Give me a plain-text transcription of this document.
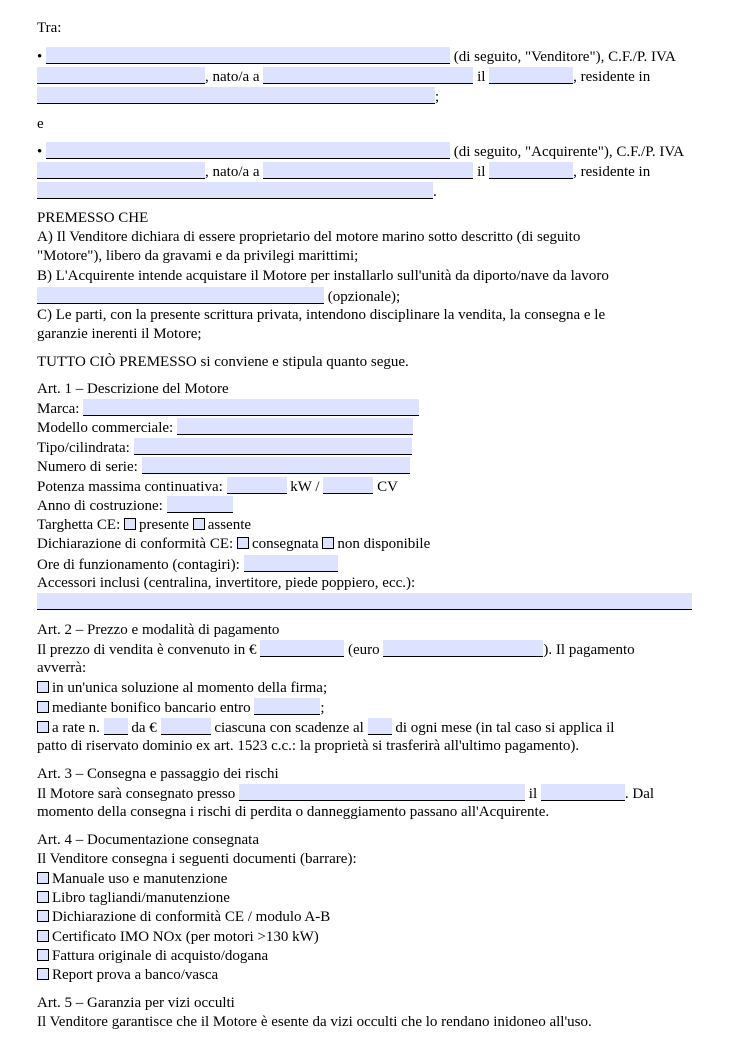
Tra:
•	(di seguito, "Venditore"), C.F./P. IVA
, nato/a a	il	, residente in
;
e
•	(di seguito, "Acquirente"), C.F./P. IVA
, nato/a a	il	, residente in
.
PREMESSO CHE
A) Il Venditore dichiara di essere proprietario del motore marino sotto descritto (di seguito
"Motore"), libero da gravami e da privilegi marittimi;
B) L'Acquirente intende acquistare il Motore per installarlo sull'unità da diporto/nave da lavoro
(opzionale);
C) Le parti, con la presente scrittura privata, intendono disciplinare la vendita, la consegna e le
garanzie inerenti il Motore;
TUTTO CIÒ PREMESSO si conviene e stipula quanto segue.
Art. 1 – Descrizione del Motore
Marca:
Modello commerciale:
Tipo/cilindrata:
Numero di serie:
Potenza massima continuativa:	kW /	CV
Anno di costruzione:
Targhetta CE: presente assente
Dichiarazione di conformità CE: consegnata non disponibile
Ore di funzionamento (contagiri):
Accessori inclusi (centralina, invertitore, piede poppiero, ecc.):
Art. 2 – Prezzo e modalità di pagamento
Il prezzo di vendita è convenuto in €	(euro	). Il pagamento
avverrà:
in un'unica soluzione al momento della firma;
mediante bonifico bancario entro	;
a rate n.  da €	ciascuna con scadenze al  di ogni mese (in tal caso si applica il
patto di riservato dominio ex art. 1523 c.c.: la proprietà si trasferirà all'ultimo pagamento).
Art. 3 – Consegna e passaggio dei rischi
Il Motore sarà consegnato presso	il	. Dal
momento della consegna i rischi di perdita o danneggiamento passano all'Acquirente.
Art. 4 – Documentazione consegnata
Il Venditore consegna i seguenti documenti (barrare):
Manuale uso e manutenzione
Libro tagliandi/manutenzione
Dichiarazione di conformità CE / modulo A-B
Certificato IMO NOx (per motori >130 kW)
Fattura originale di acquisto/dogana
Report prova a banco/vasca
Art. 5 – Garanzia per vizi occulti
Il Venditore garantisce che il Motore è esente da vizi occulti che lo rendano inidoneo all'uso.
